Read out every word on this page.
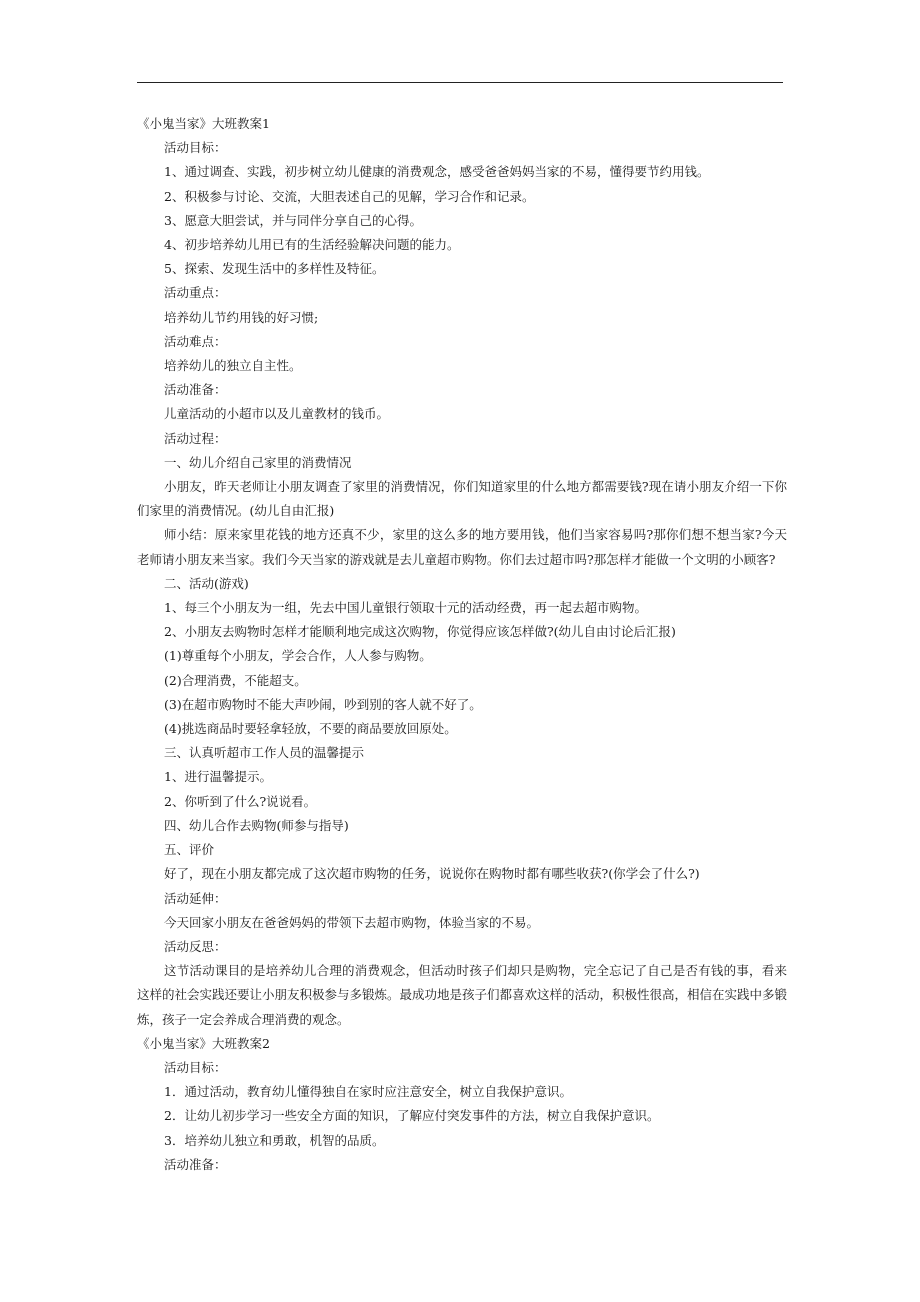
《小鬼当家》大班教案1

活动目标：

1、通过调查、实践，初步树立幼儿健康的消费观念，感受爸爸妈妈当家的不易，懂得要节约用钱。

2、积极参与讨论、交流，大胆表述自己的见解，学习合作和记录。

3、愿意大胆尝试，并与同伴分享自己的心得。

4、初步培养幼儿用已有的生活经验解决问题的能力。

5、探索、发现生活中的多样性及特征。

活动重点：

培养幼儿节约用钱的好习惯;

活动难点：

培养幼儿的独立自主性。

活动准备：

儿童活动的小超市以及儿童教材的钱币。

活动过程：

一、幼儿介绍自己家里的消费情况

小朋友，昨天老师让小朋友调查了家里的消费情况，你们知道家里的什么地方都需要钱?现在请小朋友介绍一下你们家里的消费情况。(幼儿自由汇报)

师小结：原来家里花钱的地方还真不少，家里的这么多的地方要用钱，他们当家容易吗?那你们想不想当家?今天老师请小朋友来当家。我们今天当家的游戏就是去儿童超市购物。你们去过超市吗?那怎样才能做一个文明的小顾客?

二、活动(游戏)

1、每三个小朋友为一组，先去中国儿童银行领取十元的活动经费，再一起去超市购物。

2、小朋友去购物时怎样才能顺利地完成这次购物，你觉得应该怎样做?(幼儿自由讨论后汇报)

(1)尊重每个小朋友，学会合作，人人参与购物。

(2)合理消费，不能超支。

(3)在超市购物时不能大声吵闹，吵到别的客人就不好了。

(4)挑选商品时要轻拿轻放，不要的商品要放回原处。

三、认真听超市工作人员的温馨提示

1、进行温馨提示。

2、你听到了什么?说说看。

四、幼儿合作去购物(师参与指导)

五、评价

好了，现在小朋友都完成了这次超市购物的任务，说说你在购物时都有哪些收获?(你学会了什么?)

活动延伸：

今天回家小朋友在爸爸妈妈的带领下去超市购物，体验当家的不易。

活动反思：

这节活动课目的是培养幼儿合理的消费观念，但活动时孩子们却只是购物，完全忘记了自己是否有钱的事，看来这样的社会实践还要让小朋友积极参与多锻炼。最成功地是孩子们都喜欢这样的活动，积极性很高，相信在实践中多锻炼，孩子一定会养成合理消费的观念。

《小鬼当家》大班教案2

活动目标：

1．通过活动，教育幼儿懂得独自在家时应注意安全，树立自我保护意识。

2．让幼儿初步学习一些安全方面的知识，了解应付突发事件的方法，树立自我保护意识。

3．培养幼儿独立和勇敢，机智的品质。

活动准备：
